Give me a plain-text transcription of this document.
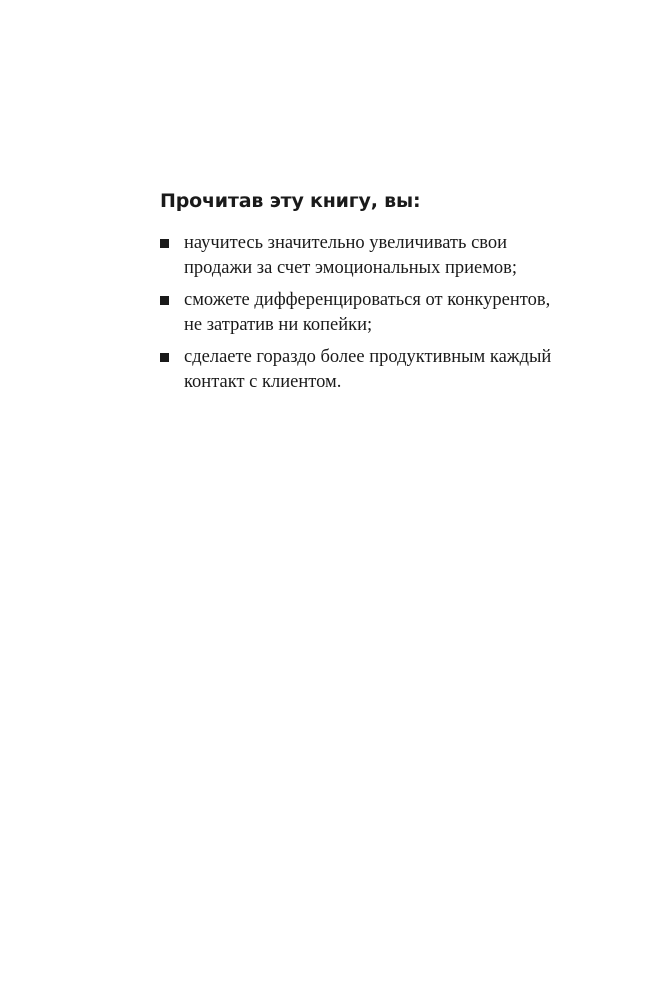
Прочитав эту книгу, вы:
научитесь значительно увеличивать свои
продажи за счет эмоциональных приемов;
сможете дифференцироваться от конкурентов,
не затратив ни копейки;
сделаете гораздо более продуктивным каждый
контакт с клиентом.
